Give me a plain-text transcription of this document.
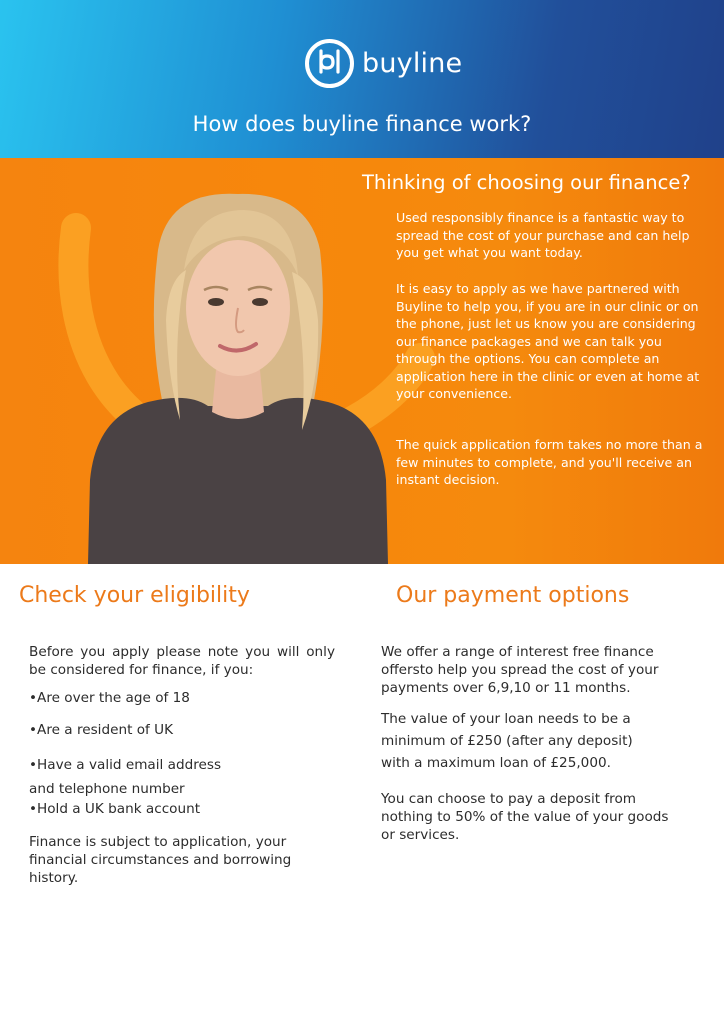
buyline
How does buyline finance work?
Thinking of choosing our finance?

Used responsibly finance is a fantastic way to spread the cost of your purchase and can help you get what you want today.

It is easy to apply as we have partnered with Buyline to help you, if you are in our clinic or on the phone, just let us know you are considering our finance packages and we can talk you through the options. You can complete an application here in the clinic or even at home at your convenience.

The quick application form takes no more than a few minutes to complete, and you'll receive an instant decision.

Check your eligibility

Before you apply please note you will only be considered for finance, if you:

•Are over the age of 18

•Are a resident of UK

•Have a valid email address and telephone number

•Hold a UK bank account

Finance is subject to application, your financial circumstances and borrowing history.

Our payment options

We offer a range of interest free finance offersto help you spread the cost of your payments over 6,9,10 or 11 months.

The value of your loan needs to be a minimum of £250 (after any deposit) with a maximum loan of £25,000.

You can choose to pay a deposit from nothing to 50% of the value of your goods or services.
